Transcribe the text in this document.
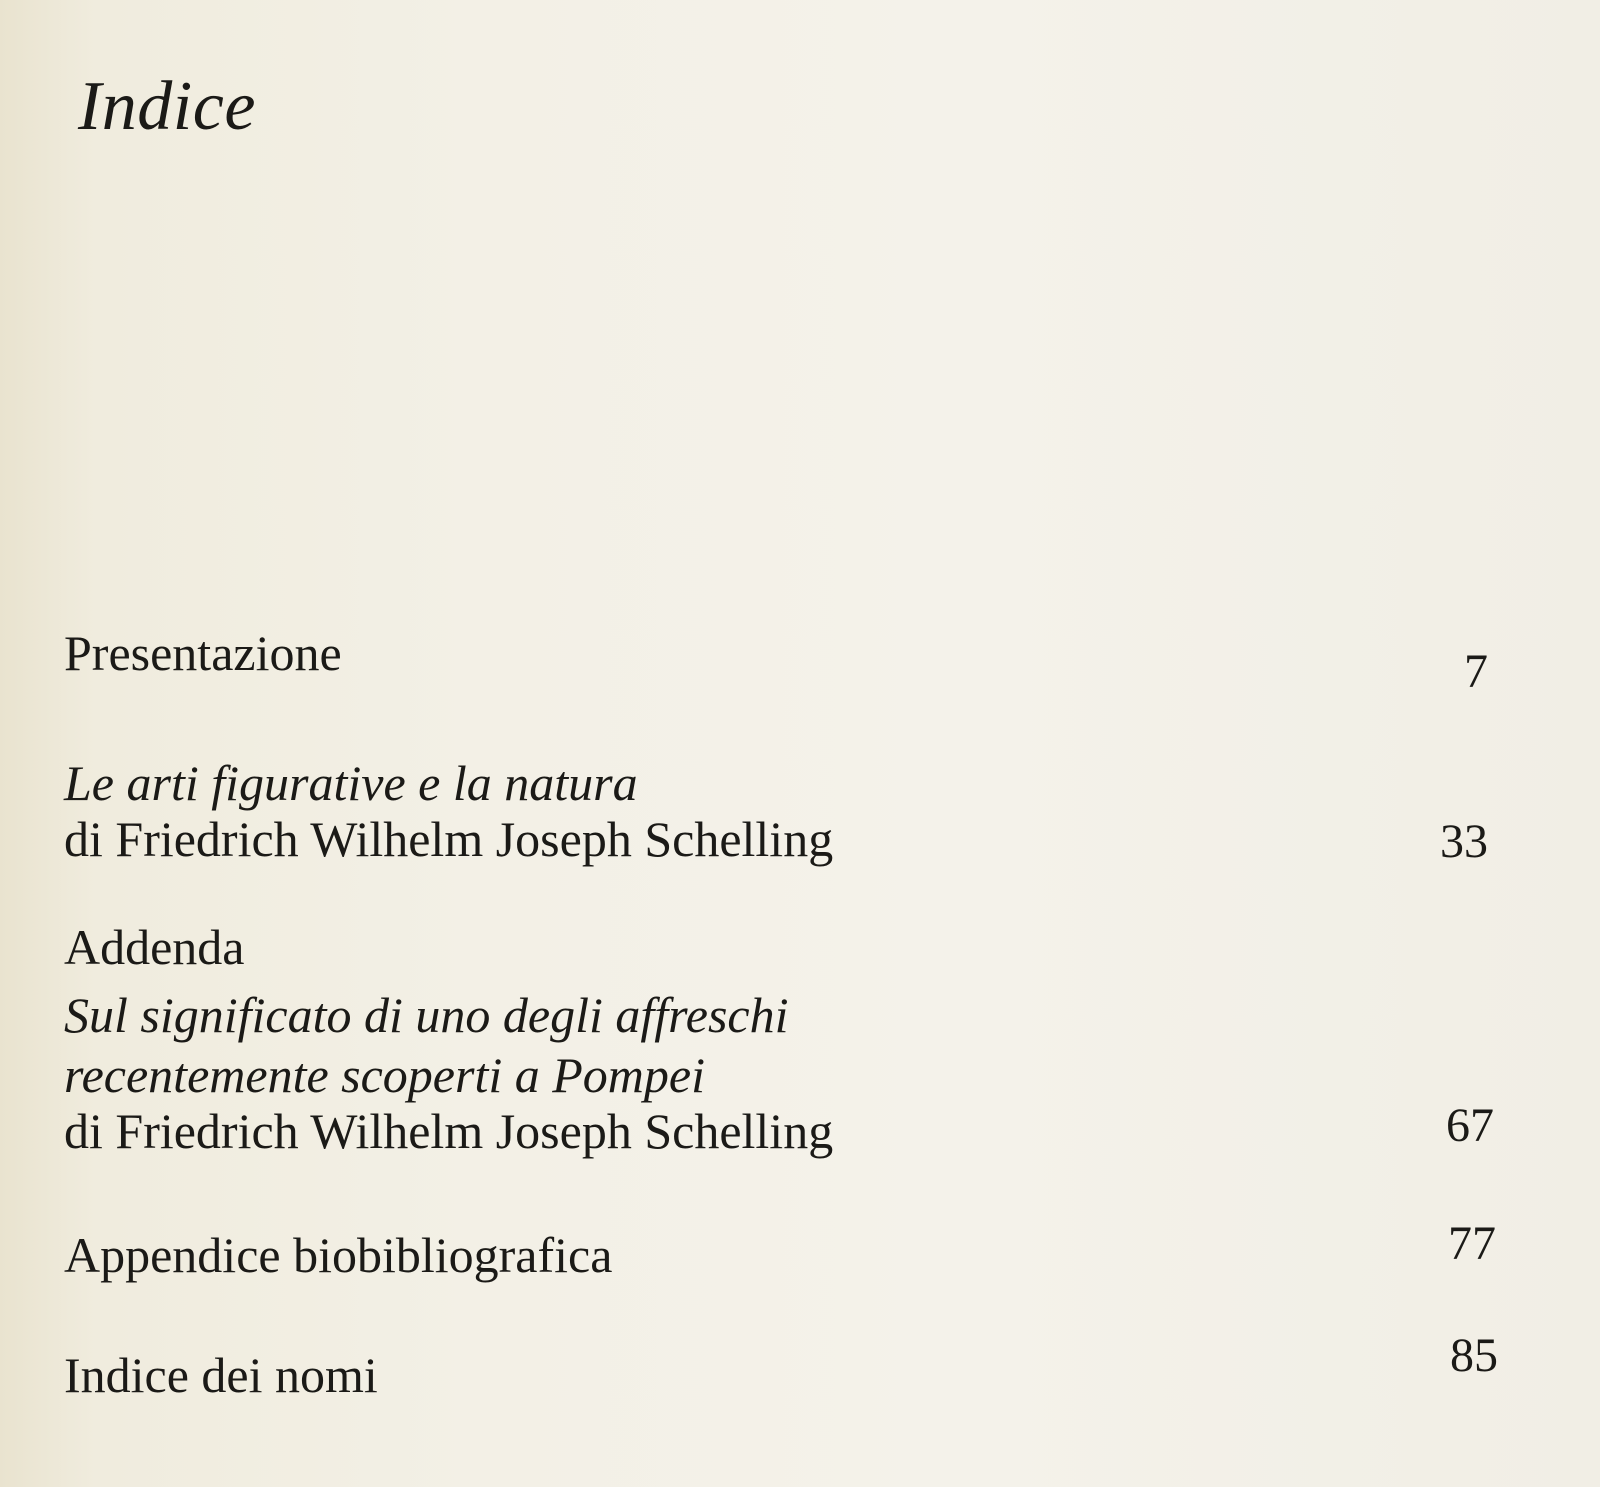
Indice
Presentazione	7
Le arti figurative e la natura
di Friedrich Wilhelm Joseph Schelling	33
Addenda
Sul significato di uno degli affreschi
recentemente scoperti a Pompei
di Friedrich Wilhelm Joseph Schelling	67
Appendice biobibliografica	77
Indice dei nomi	85
